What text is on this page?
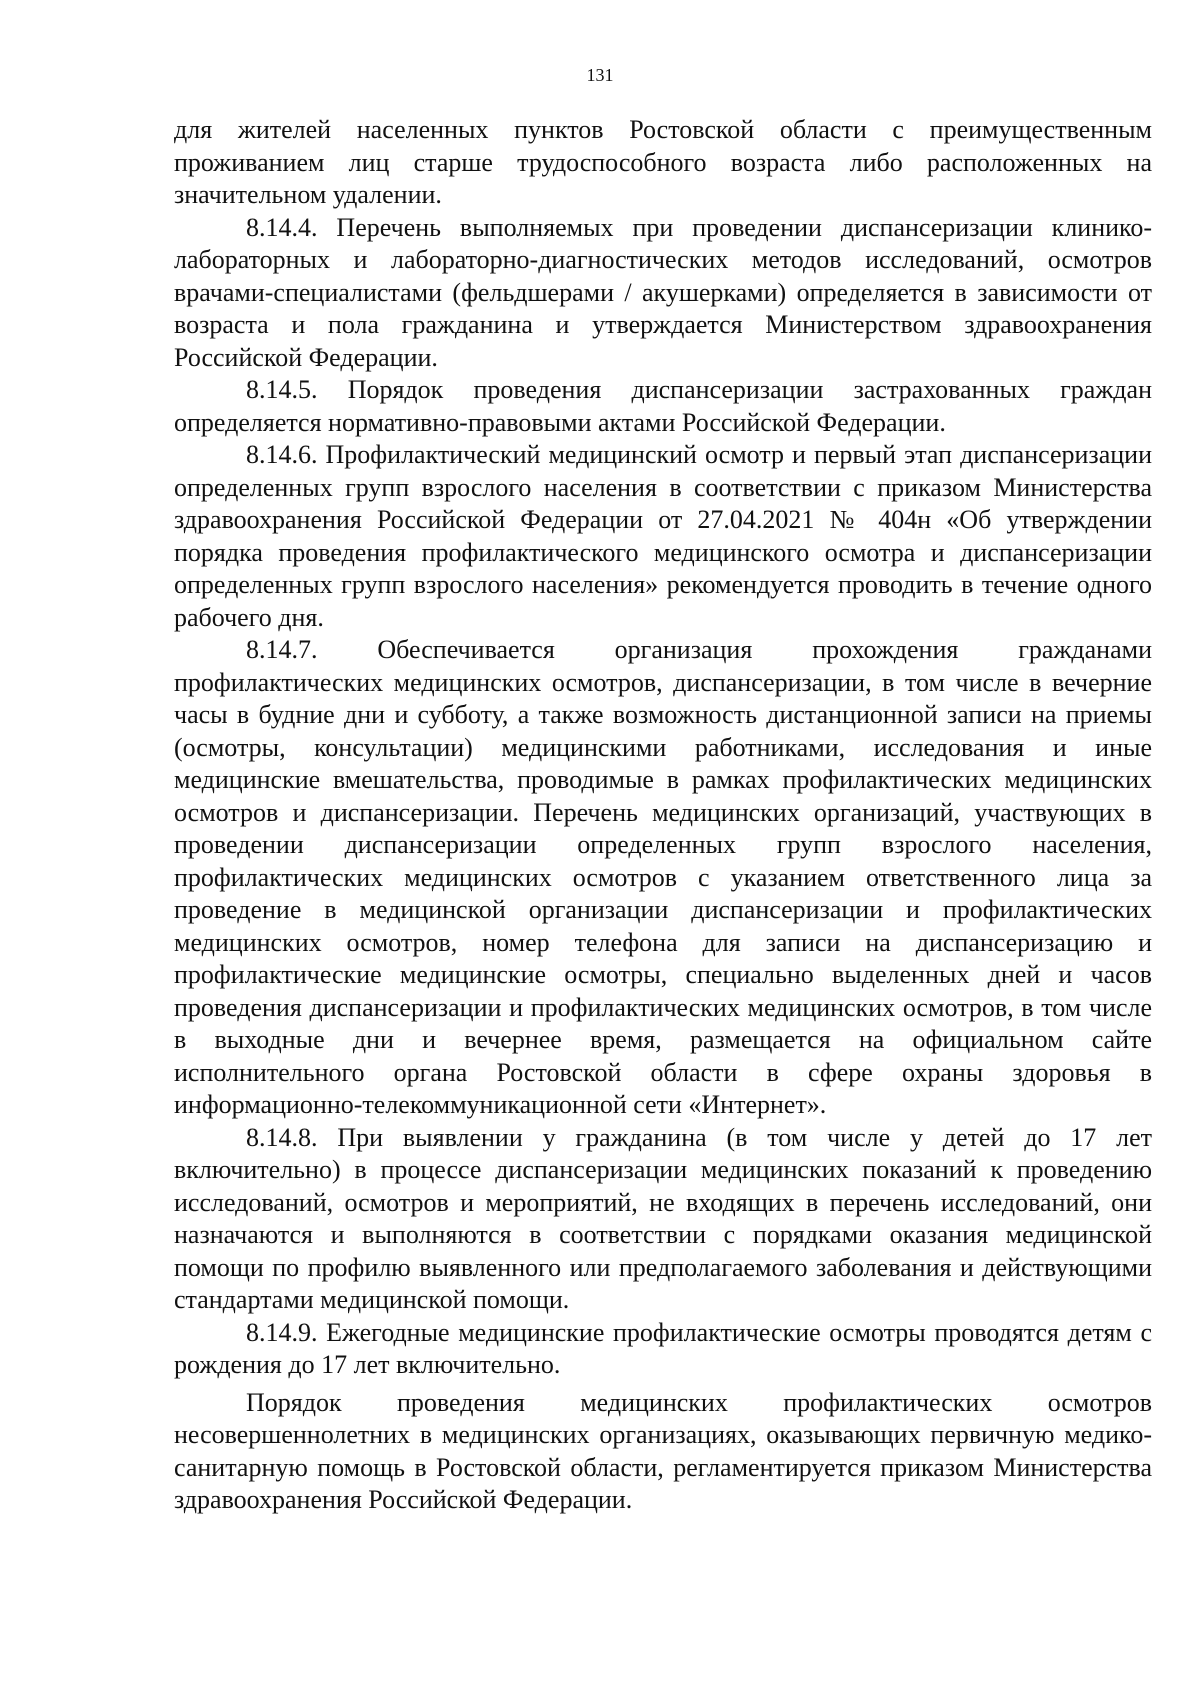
131

для жителей населенных пунктов Ростовской области с преимущественным проживанием лиц старше трудоспособного возраста либо расположенных на значительном удалении.

8.14.4. Перечень выполняемых при проведении диспансеризации клинико-лабораторных и лабораторно-диагностических методов исследований, осмотров врачами-специалистами (фельдшерами / акушерками) определяется в зависимости от возраста и пола гражданина и утверждается Министерством здравоохранения Российской Федерации.

8.14.5. Порядок проведения диспансеризации застрахованных граждан определяется нормативно-правовыми актами Российской Федерации.

8.14.6. Профилактический медицинский осмотр и первый этап диспансеризации определенных групп взрослого населения в соответствии с приказом Министерства здравоохранения Российской Федерации от 27.04.2021 № 404н «Об утверждении порядка проведения профилактического медицинского осмотра и диспансеризации определенных групп взрослого населения» рекомендуется проводить в течение одного рабочего дня.

8.14.7. Обеспечивается организация прохождения гражданами профилактических медицинских осмотров, диспансеризации, в том числе в вечерние часы в будние дни и субботу, а также возможность дистанционной записи на приемы (осмотры, консультации) медицинскими работниками, исследования и иные медицинские вмешательства, проводимые в рамках профилактических медицинских осмотров и диспансеризации. Перечень медицинских организаций, участвующих в проведении диспансеризации определенных групп взрослого населения, профилактических медицинских осмотров с указанием ответственного лица за проведение в медицинской организации диспансеризации и профилактических медицинских осмотров, номер телефона для записи на диспансеризацию и профилактические медицинские осмотры, специально выделенных дней и часов проведения диспансеризации и профилактических медицинских осмотров, в том числе в выходные дни и вечернее время, размещается на официальном сайте исполнительного органа Ростовской области в сфере охраны здоровья в информационно-телекоммуникационной сети «Интернет».

8.14.8. При выявлении у гражданина (в том числе у детей до 17 лет включительно) в процессе диспансеризации медицинских показаний к проведению исследований, осмотров и мероприятий, не входящих в перечень исследований, они назначаются и выполняются в соответствии с порядками оказания медицинской помощи по профилю выявленного или предполагаемого заболевания и действующими стандартами медицинской помощи.

8.14.9. Ежегодные медицинские профилактические осмотры проводятся детям с рождения до 17 лет включительно.

Порядок проведения медицинских профилактических осмотров несовершеннолетних в медицинских организациях, оказывающих первичную медико-санитарную помощь в Ростовской области, регламентируется приказом Министерства здравоохранения Российской Федерации.
